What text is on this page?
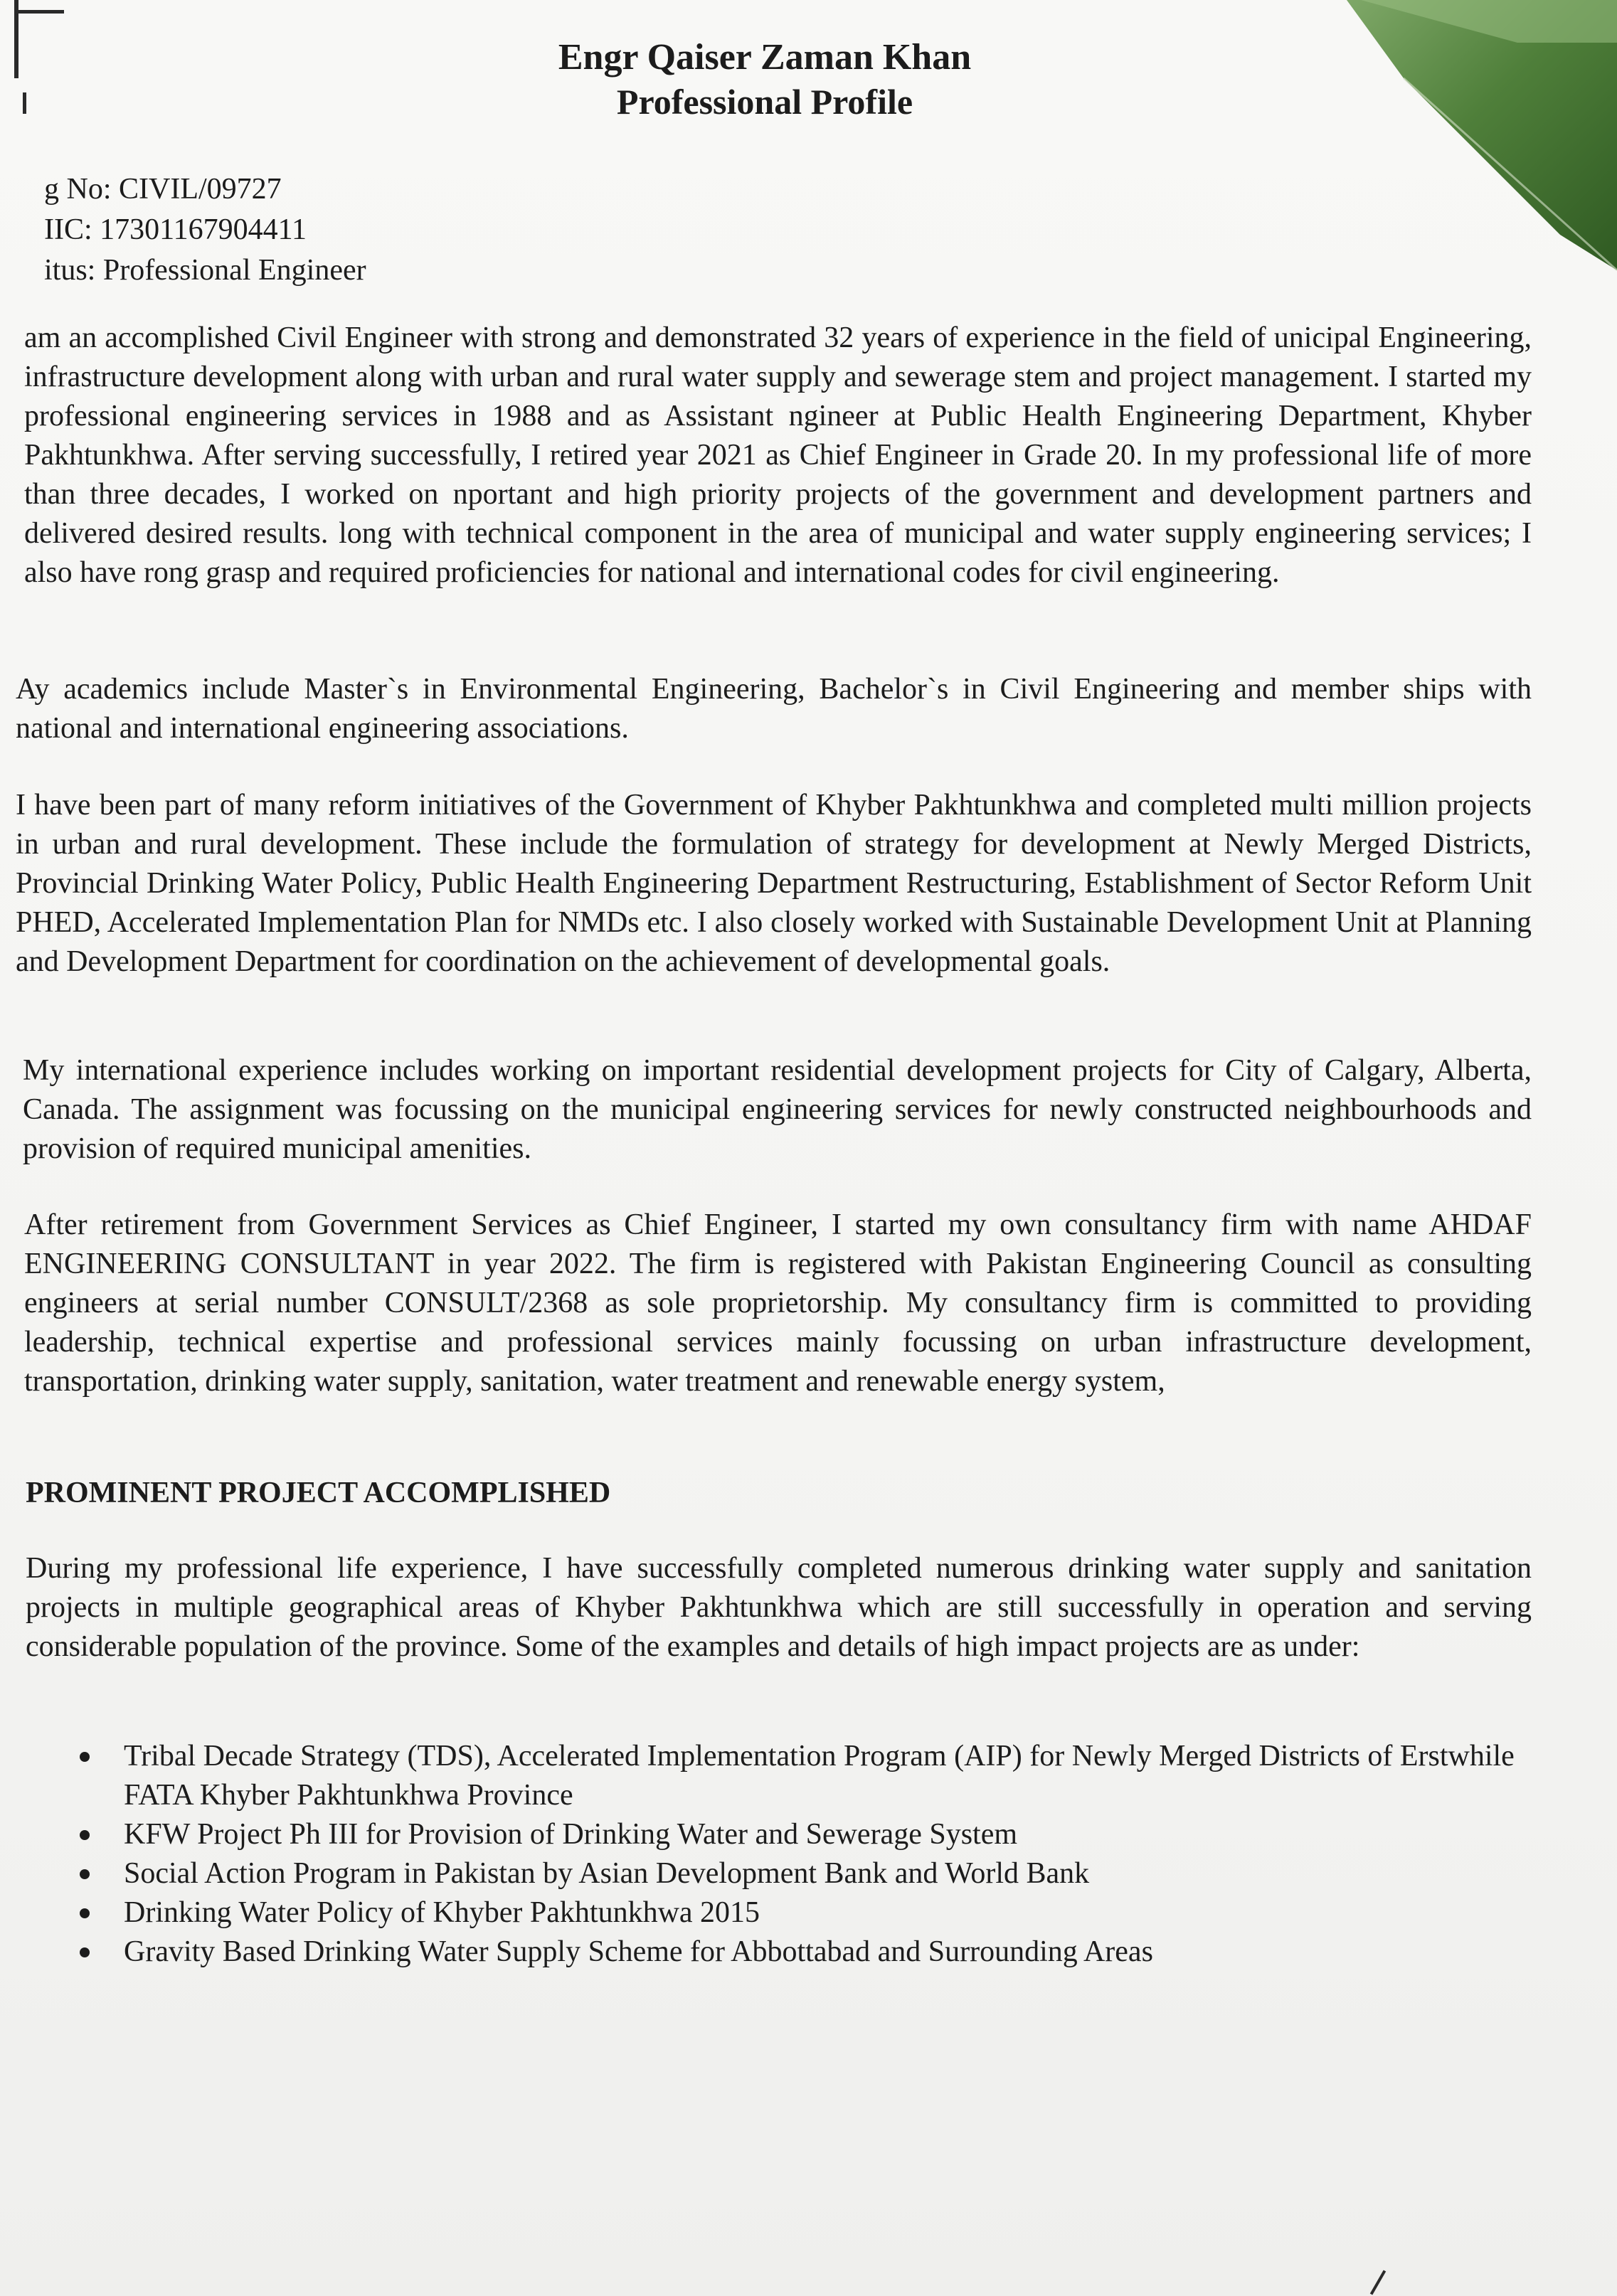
Engr Qaiser Zaman Khan
Professional Profile
g No: CIVIL/09727
IIC: 17301167904411
itus: Professional Engineer
am an accomplished Civil Engineer with strong and demonstrated 32 years of experience in the field of unicipal Engineering, infrastructure development along with urban and rural water supply and sewerage stem and project management. I started my professional engineering services in 1988 and as Assistant ngineer at Public Health Engineering Department, Khyber Pakhtunkhwa. After serving successfully, I retired year 2021 as Chief Engineer in Grade 20. In my professional life of more than three decades, I worked on nportant and high priority projects of the government and development partners and delivered desired results. long with technical component in the area of municipal and water supply engineering services; I also have rong grasp and required proficiencies for national and international codes for civil engineering.
Ay academics include Master`s in Environmental Engineering, Bachelor`s in Civil Engineering and member ships with national and international engineering associations.
I have been part of many reform initiatives of the Government of Khyber Pakhtunkhwa and completed multi million projects in urban and rural development. These include the formulation of strategy for development at Newly Merged Districts, Provincial Drinking Water Policy, Public Health Engineering Department Restructuring, Establishment of Sector Reform Unit PHED, Accelerated Implementation Plan for NMDs etc. I also closely worked with Sustainable Development Unit at Planning and Development Department for coordination on the achievement of developmental goals.
My international experience includes working on important residential development projects for City of Calgary, Alberta, Canada. The assignment was focussing on the municipal engineering services for newly constructed neighbourhoods and provision of required municipal amenities.
After retirement from Government Services as Chief Engineer, I started my own consultancy firm with name AHDAF ENGINEERING CONSULTANT in year 2022. The firm is registered with Pakistan Engineering Council as consulting engineers at serial number CONSULT/2368 as sole proprietorship. My consultancy firm is committed to providing leadership, technical expertise and professional services mainly focussing on urban infrastructure development, transportation, drinking water supply, sanitation, water treatment and renewable energy system,
PROMINENT PROJECT ACCOMPLISHED
During my professional life experience, I have successfully completed numerous drinking water supply and sanitation projects in multiple geographical areas of Khyber Pakhtunkhwa which are still successfully in operation and serving considerable population of the province. Some of the examples and details of high impact projects are as under:
Tribal Decade Strategy (TDS), Accelerated Implementation Program (AIP) for Newly Merged Districts of Erstwhile FATA Khyber Pakhtunkhwa Province
KFW Project Ph III for Provision of Drinking Water and Sewerage System
Social Action Program in Pakistan by Asian Development Bank and World Bank
Drinking Water Policy of Khyber Pakhtunkhwa 2015
Gravity Based Drinking Water Supply Scheme for Abbottabad and Surrounding Areas
